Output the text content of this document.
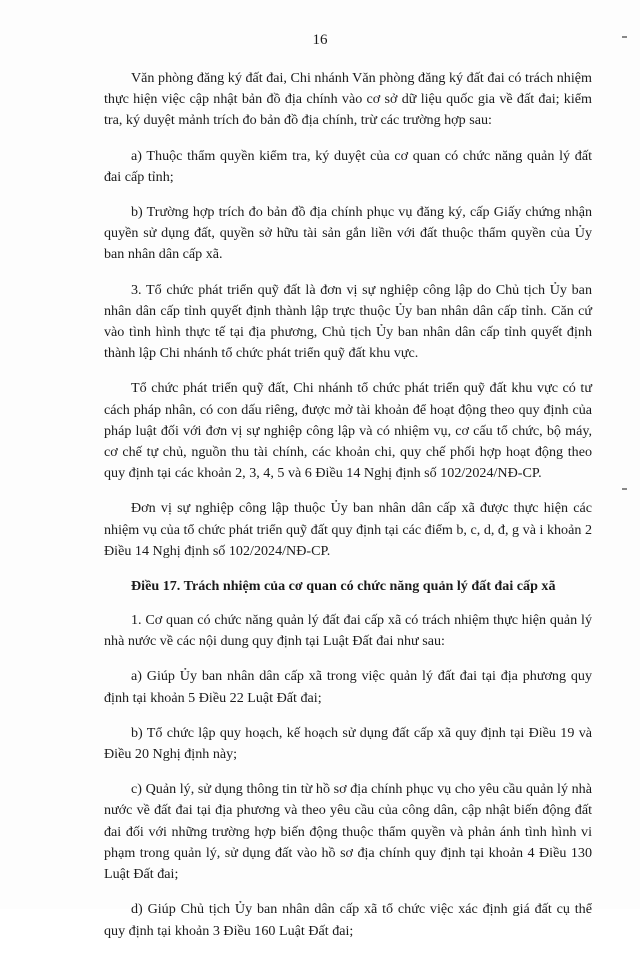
16

Văn phòng đăng ký đất đai, Chi nhánh Văn phòng đăng ký đất đai có trách nhiệm thực hiện việc cập nhật bản đồ địa chính vào cơ sở dữ liệu quốc gia về đất đai; kiểm tra, ký duyệt mảnh trích đo bản đồ địa chính, trừ các trường hợp sau:

a) Thuộc thẩm quyền kiểm tra, ký duyệt của cơ quan có chức năng quản lý đất đai cấp tỉnh;

b) Trường hợp trích đo bản đồ địa chính phục vụ đăng ký, cấp Giấy chứng nhận quyền sử dụng đất, quyền sở hữu tài sản gắn liền với đất thuộc thẩm quyền của Ủy ban nhân dân cấp xã.

3. Tổ chức phát triển quỹ đất là đơn vị sự nghiệp công lập do Chủ tịch Ủy ban nhân dân cấp tỉnh quyết định thành lập trực thuộc Ủy ban nhân dân cấp tỉnh. Căn cứ vào tình hình thực tế tại địa phương, Chủ tịch Ủy ban nhân dân cấp tỉnh quyết định thành lập Chi nhánh tổ chức phát triển quỹ đất khu vực.

Tổ chức phát triển quỹ đất, Chi nhánh tổ chức phát triển quỹ đất khu vực có tư cách pháp nhân, có con dấu riêng, được mở tài khoản để hoạt động theo quy định của pháp luật đối với đơn vị sự nghiệp công lập và có nhiệm vụ, cơ cấu tổ chức, bộ máy, cơ chế tự chủ, nguồn thu tài chính, các khoản chi, quy chế phối hợp hoạt động theo quy định tại các khoản 2, 3, 4, 5 và 6 Điều 14 Nghị định số 102/2024/NĐ-CP.

Đơn vị sự nghiệp công lập thuộc Ủy ban nhân dân cấp xã được thực hiện các nhiệm vụ của tổ chức phát triển quỹ đất quy định tại các điểm b, c, d, đ, g và i khoản 2 Điều 14 Nghị định số 102/2024/NĐ-CP.

Điều 17. Trách nhiệm của cơ quan có chức năng quản lý đất đai cấp xã

1. Cơ quan có chức năng quản lý đất đai cấp xã có trách nhiệm thực hiện quản lý nhà nước về các nội dung quy định tại Luật Đất đai như sau:

a) Giúp Ủy ban nhân dân cấp xã trong việc quản lý đất đai tại địa phương quy định tại khoản 5 Điều 22 Luật Đất đai;

b) Tổ chức lập quy hoạch, kế hoạch sử dụng đất cấp xã quy định tại Điều 19 và Điều 20 Nghị định này;

c) Quản lý, sử dụng thông tin từ hồ sơ địa chính phục vụ cho yêu cầu quản lý nhà nước về đất đai tại địa phương và theo yêu cầu của công dân, cập nhật biến động đất đai đối với những trường hợp biến động thuộc thẩm quyền và phản ánh tình hình vi phạm trong quản lý, sử dụng đất vào hồ sơ địa chính quy định tại khoản 4 Điều 130 Luật Đất đai;

d) Giúp Chủ tịch Ủy ban nhân dân cấp xã tổ chức việc xác định giá đất cụ thể quy định tại khoản 3 Điều 160 Luật Đất đai;
